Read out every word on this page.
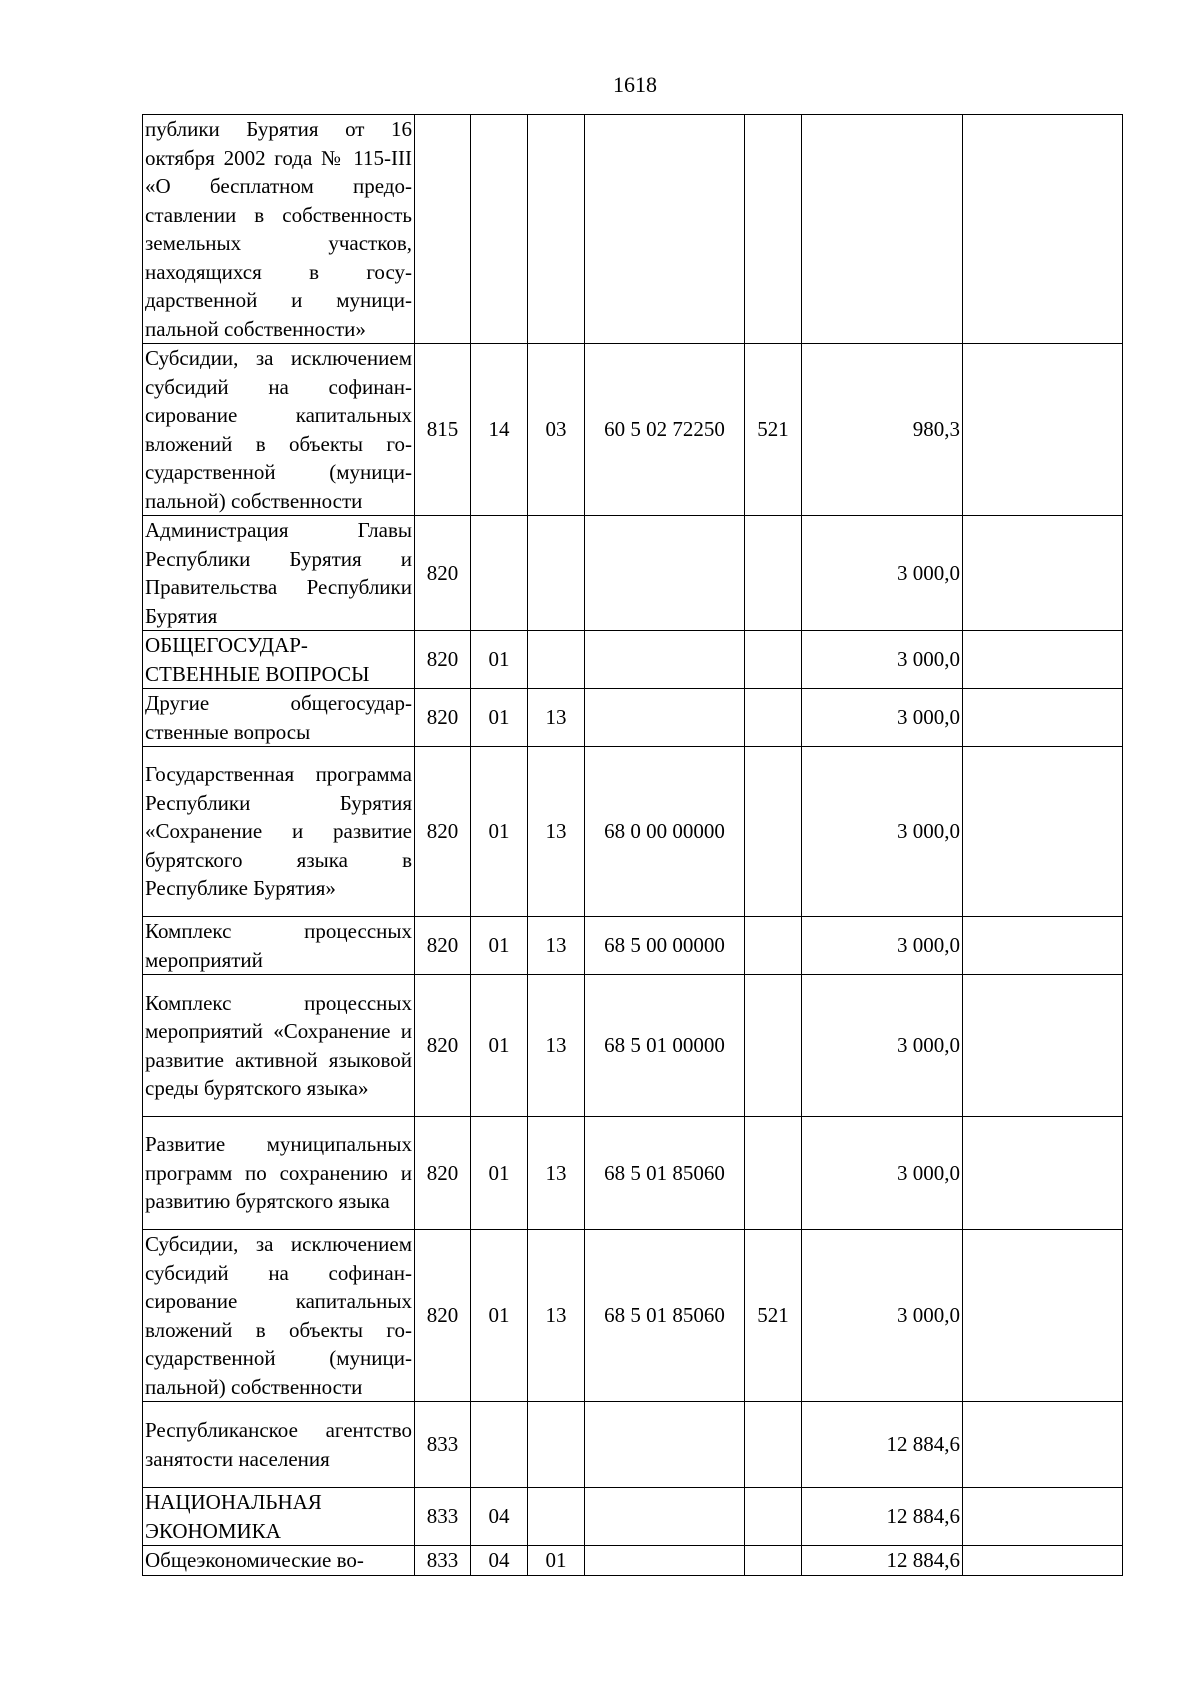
1618
публики Бурятия от 16 октября 2002 года № 115-III «О бесплатном предоставлении в собственность земельных участков, находящихся в государственной и муниципальной собственности»							
Субсидии, за исключением субсидий на софинансирование капитальных вложений в объекты государственной (муниципальной) собственности	815	14	03	60 5 02 72250	521	980,3	
Администрация Главы Республики Бурятия и Правительства Республики Бурятия	820					3 000,0	
ОБЩЕГОСУДАР-СТВЕННЫЕ ВОПРОСЫ	820	01				3 000,0	
Другие общегосударственные вопросы	820	01	13			3 000,0	
Государственная программа Республики Бурятия «Сохранение и развитие бурятского языка в Республике Бурятия»	820	01	13	68 0 00 00000		3 000,0	
Комплекс процессных мероприятий	820	01	13	68 5 00 00000		3 000,0	
Комплекс процессных мероприятий «Сохранение и развитие активной языковой среды бурятского языка»	820	01	13	68 5 01 00000		3 000,0	
Развитие муниципальных программ по сохранению и развитию бурятского языка	820	01	13	68 5 01 85060		3 000,0	
Субсидии, за исключением субсидий на софинансирование капитальных вложений в объекты государственной (муниципальной) собственности	820	01	13	68 5 01 85060	521	3 000,0	
Республиканское агентство занятости населения	833					12 884,6	
НАЦИОНАЛЬНАЯ ЭКОНОМИКА	833	04				12 884,6	
Общеэкономические во-	833	04	01			12 884,6	
